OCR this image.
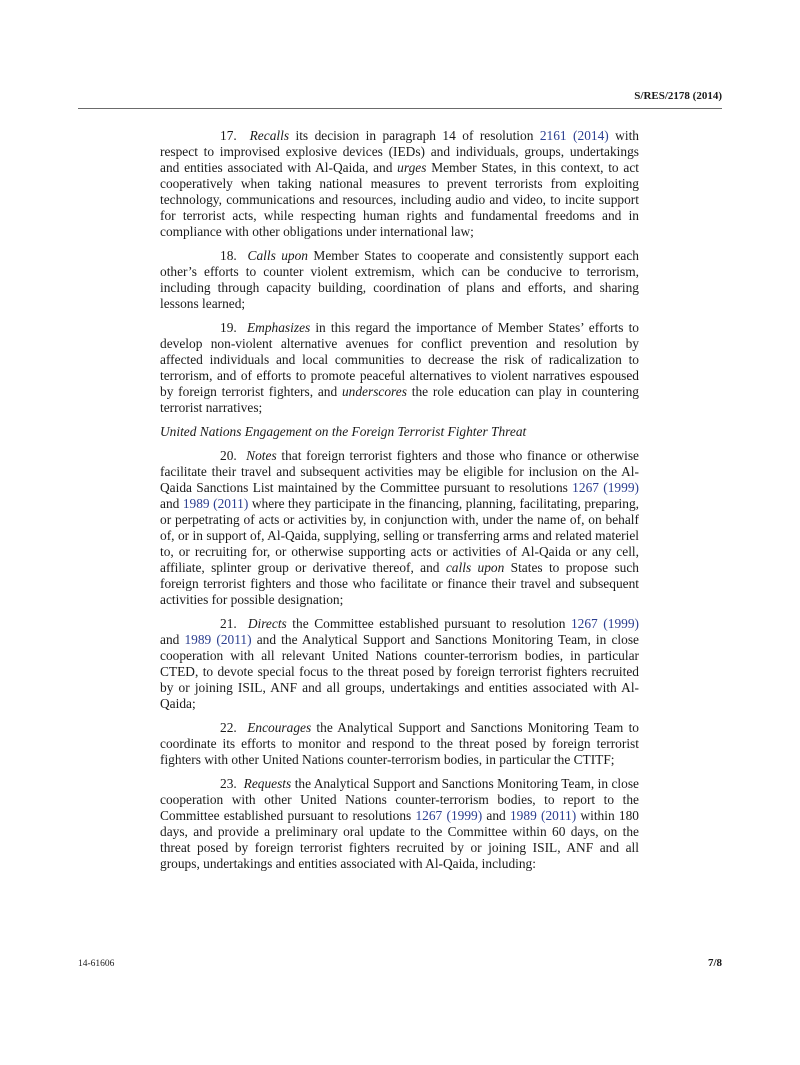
S/RES/2178 (2014)

17. Recalls its decision in paragraph 14 of resolution 2161 (2014) with respect to improvised explosive devices (IEDs) and individuals, groups, undertakings and entities associated with Al-Qaida, and urges Member States, in this context, to act cooperatively when taking national measures to prevent terrorists from exploiting technology, communications and resources, including audio and video, to incite support for terrorist acts, while respecting human rights and fundamental freedoms and in compliance with other obligations under international law;

18. Calls upon Member States to cooperate and consistently support each other’s efforts to counter violent extremism, which can be conducive to terrorism, including through capacity building, coordination of plans and efforts, and sharing lessons learned;

19. Emphasizes in this regard the importance of Member States’ efforts to develop non-violent alternative avenues for conflict prevention and resolution by affected individuals and local communities to decrease the risk of radicalization to terrorism, and of efforts to promote peaceful alternatives to violent narratives espoused by foreign terrorist fighters, and underscores the role education can play in countering terrorist narratives;

United Nations Engagement on the Foreign Terrorist Fighter Threat

20. Notes that foreign terrorist fighters and those who finance or otherwise facilitate their travel and subsequent activities may be eligible for inclusion on the Al-Qaida Sanctions List maintained by the Committee pursuant to resolutions 1267 (1999) and 1989 (2011) where they participate in the financing, planning, facilitating, preparing, or perpetrating of acts or activities by, in conjunction with, under the name of, on behalf of, or in support of, Al-Qaida, supplying, selling or transferring arms and related materiel to, or recruiting for, or otherwise supporting acts or activities of Al-Qaida or any cell, affiliate, splinter group or derivative thereof, and calls upon States to propose such foreign terrorist fighters and those who facilitate or finance their travel and subsequent activities for possible designation;

21. Directs the Committee established pursuant to resolution 1267 (1999) and 1989 (2011) and the Analytical Support and Sanctions Monitoring Team, in close cooperation with all relevant United Nations counter-terrorism bodies, in particular CTED, to devote special focus to the threat posed by foreign terrorist fighters recruited by or joining ISIL, ANF and all groups, undertakings and entities associated with Al-Qaida;

22. Encourages the Analytical Support and Sanctions Monitoring Team to coordinate its efforts to monitor and respond to the threat posed by foreign terrorist fighters with other United Nations counter-terrorism bodies, in particular the CTITF;

23. Requests the Analytical Support and Sanctions Monitoring Team, in close cooperation with other United Nations counter-terrorism bodies, to report to the Committee established pursuant to resolutions 1267 (1999) and 1989 (2011) within 180 days, and provide a preliminary oral update to the Committee within 60 days, on the threat posed by foreign terrorist fighters recruited by or joining ISIL, ANF and all groups, undertakings and entities associated with Al-Qaida, including:

14-61606	7/8
